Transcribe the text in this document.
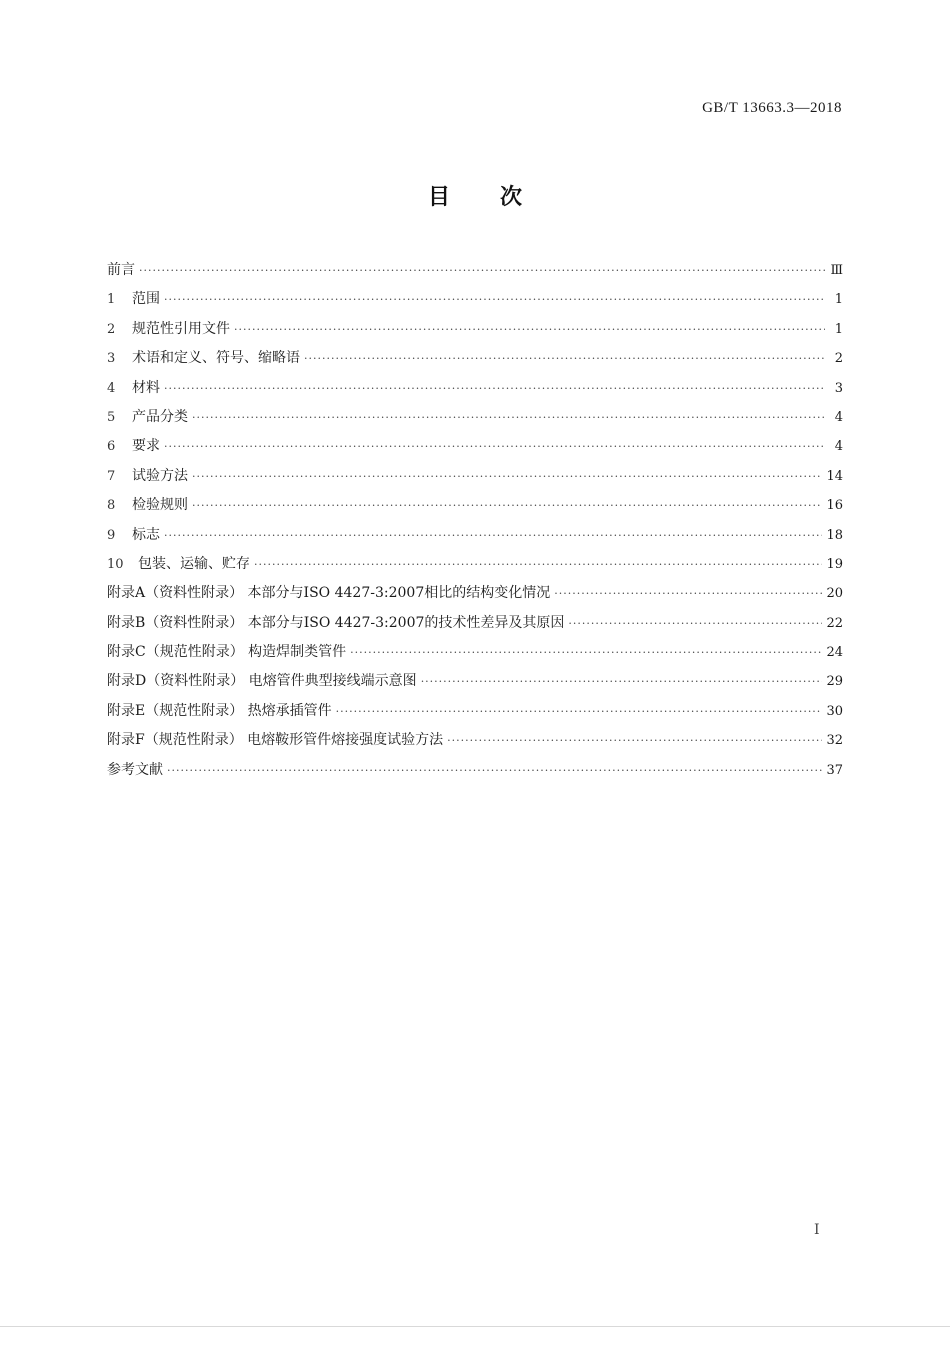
GB/T 13663.3—2018
目次
前言 ·····	Ⅲ
1	范围 ·····	1
2	规范性引用文件 ·····	1
3	术语和定义、符号、缩略语 ·····	2
4	材料 ·····	3
5	产品分类 ·····	4
6	要求 ·····	4
7	试验方法 ·····	14
8	检验规则 ·····	16
9	标志 ·····	18
10	包装、运输、贮存 ·····	19
附录A（资料性附录） 本部分与ISO 4427-3:2007相比的结构变化情况 ·····	20
附录B（资料性附录） 本部分与ISO 4427-3:2007的技术性差异及其原因 ·····	22
附录C（规范性附录） 构造焊制类管件 ·····	24
附录D（资料性附录） 电熔管件典型接线端示意图 ·····	29
附录E（规范性附录） 热熔承插管件 ·····	30
附录F（规范性附录） 电熔鞍形管件熔接强度试验方法 ·····	32
参考文献 ·····	37
I
